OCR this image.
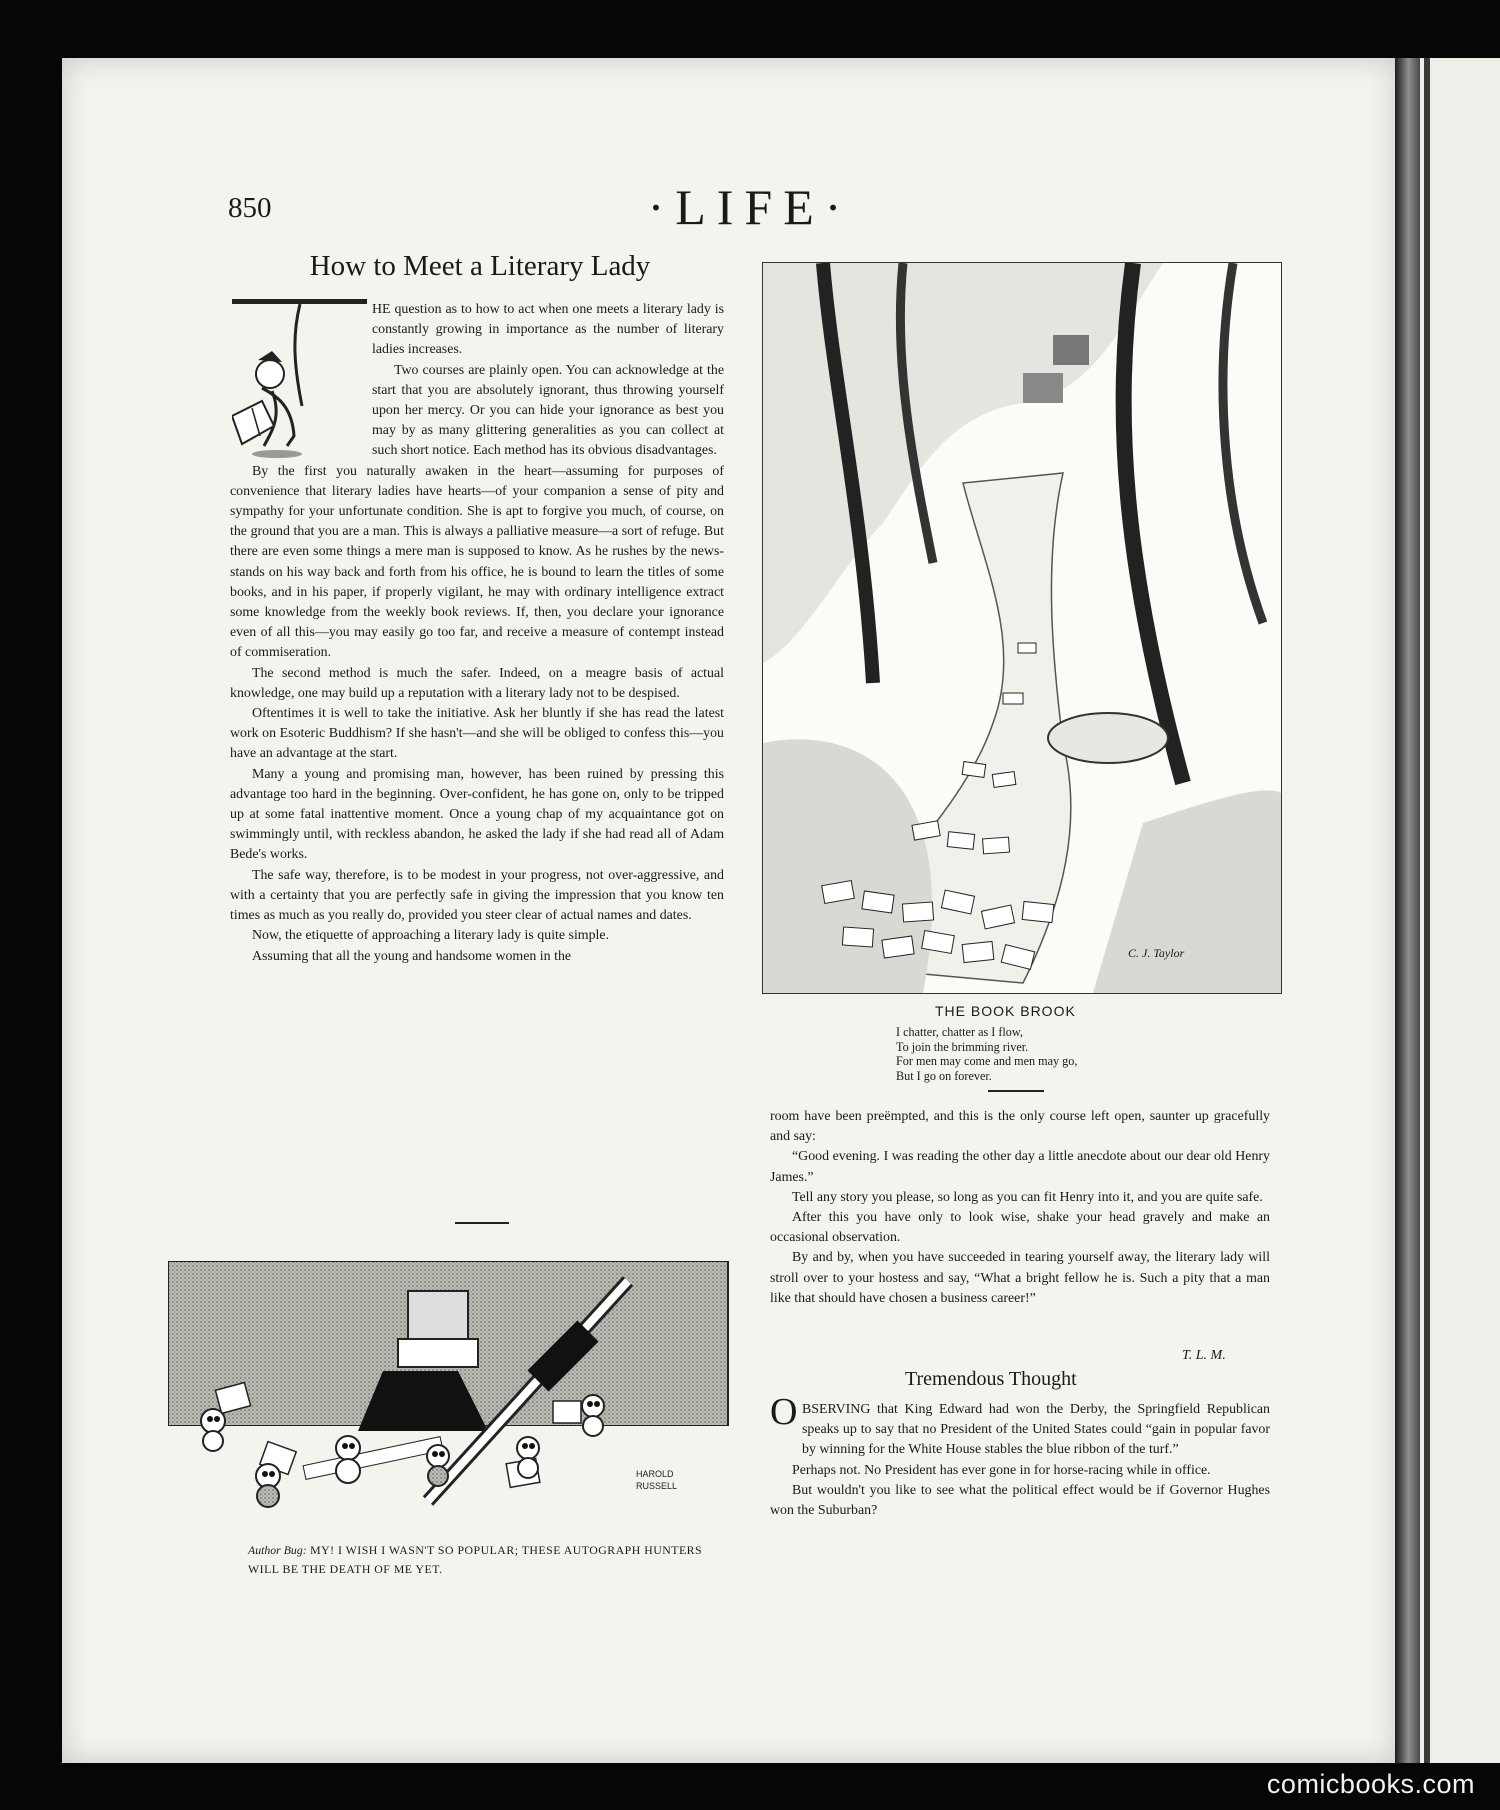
850	·LIFE·
How to Meet a Literary Lady

HE question as to how to act when one meets a literary lady is constantly growing in importance as the number of literary ladies increases.

Two courses are plainly open. You can acknowledge at the start that you are absolutely ignorant, thus throwing yourself upon her mercy. Or you can hide your ignorance as best you may by as many glittering generalities as you can collect at such short notice. Each method has its obvious disadvantages.

By the first you naturally awaken in the heart—assuming for purposes of convenience that literary ladies have hearts—of your companion a sense of pity and sympathy for your unfortunate condition. She is apt to forgive you much, of course, on the ground that you are a man. This is always a palliative measure—a sort of refuge. But there are even some things a mere man is supposed to know. As he rushes by the news-stands on his way back and forth from his office, he is bound to learn the titles of some books, and in his paper, if properly vigilant, he may with ordinary intelligence extract some knowledge from the weekly book reviews. If, then, you declare your ignorance even of all this—you may easily go too far, and receive a measure of contempt instead of commiseration.

The second method is much the safer. Indeed, on a meagre basis of actual knowledge, one may build up a reputation with a literary lady not to be despised.

Oftentimes it is well to take the initiative. Ask her bluntly if she has read the latest work on Esoteric Buddhism? If she hasn't—and she will be obliged to confess this—you have an advantage at the start.

Many a young and promising man, however, has been ruined by pressing this advantage too hard in the beginning. Over-confident, he has gone on, only to be tripped up at some fatal inattentive moment. Once a young chap of my acquaintance got on swimmingly until, with reckless abandon, he asked the lady if she had read all of Adam Bede's works.

The safe way, therefore, is to be modest in your progress, not over-aggressive, and with a certainty that you are perfectly safe in giving the impression that you know ten times as much as you really do, provided you steer clear of actual names and dates.

Now, the etiquette of approaching a literary lady is quite simple.

Assuming that all the young and handsome women in the	C. J. Taylor
THE BOOK BROOK
I chatter, chatter as I flow,
To join the brimming river.
For men may come and men may go,
But I go on forever.

room have been preëmpted, and this is the only course left open, saunter up gracefully and say:

“Good evening. I was reading the other day a little anecdote about our dear old Henry James.”

Tell any story you please, so long as you can fit Henry into it, and you are quite safe.

After this you have only to look wise, shake your head gravely and make an occasional observation.

By and by, when you have succeeded in tearing yourself away, the literary lady will stroll over to your hostess and say, “What a bright fellow he is. Such a pity that a man like that should have chosen a business career!”

T. L. M.
Tremendous Thought
O BSERVING that King Edward had won the Derby, the Springfield Republican speaks up to say that no President of the United States could “gain in popular favor by winning for the White House stables the blue ribbon of the turf.”

Perhaps not. No President has ever gone in for horse-racing while in office.

But wouldn't you like to see what the political effect would be if Governor Hughes won the Suburban?

HAROLD
RUSSELL
Author Bug: MY! I WISH I WASN'T SO POPULAR; THESE AUTOGRAPH HUNTERS WILL BE THE DEATH OF ME YET.
comicbooks.com
